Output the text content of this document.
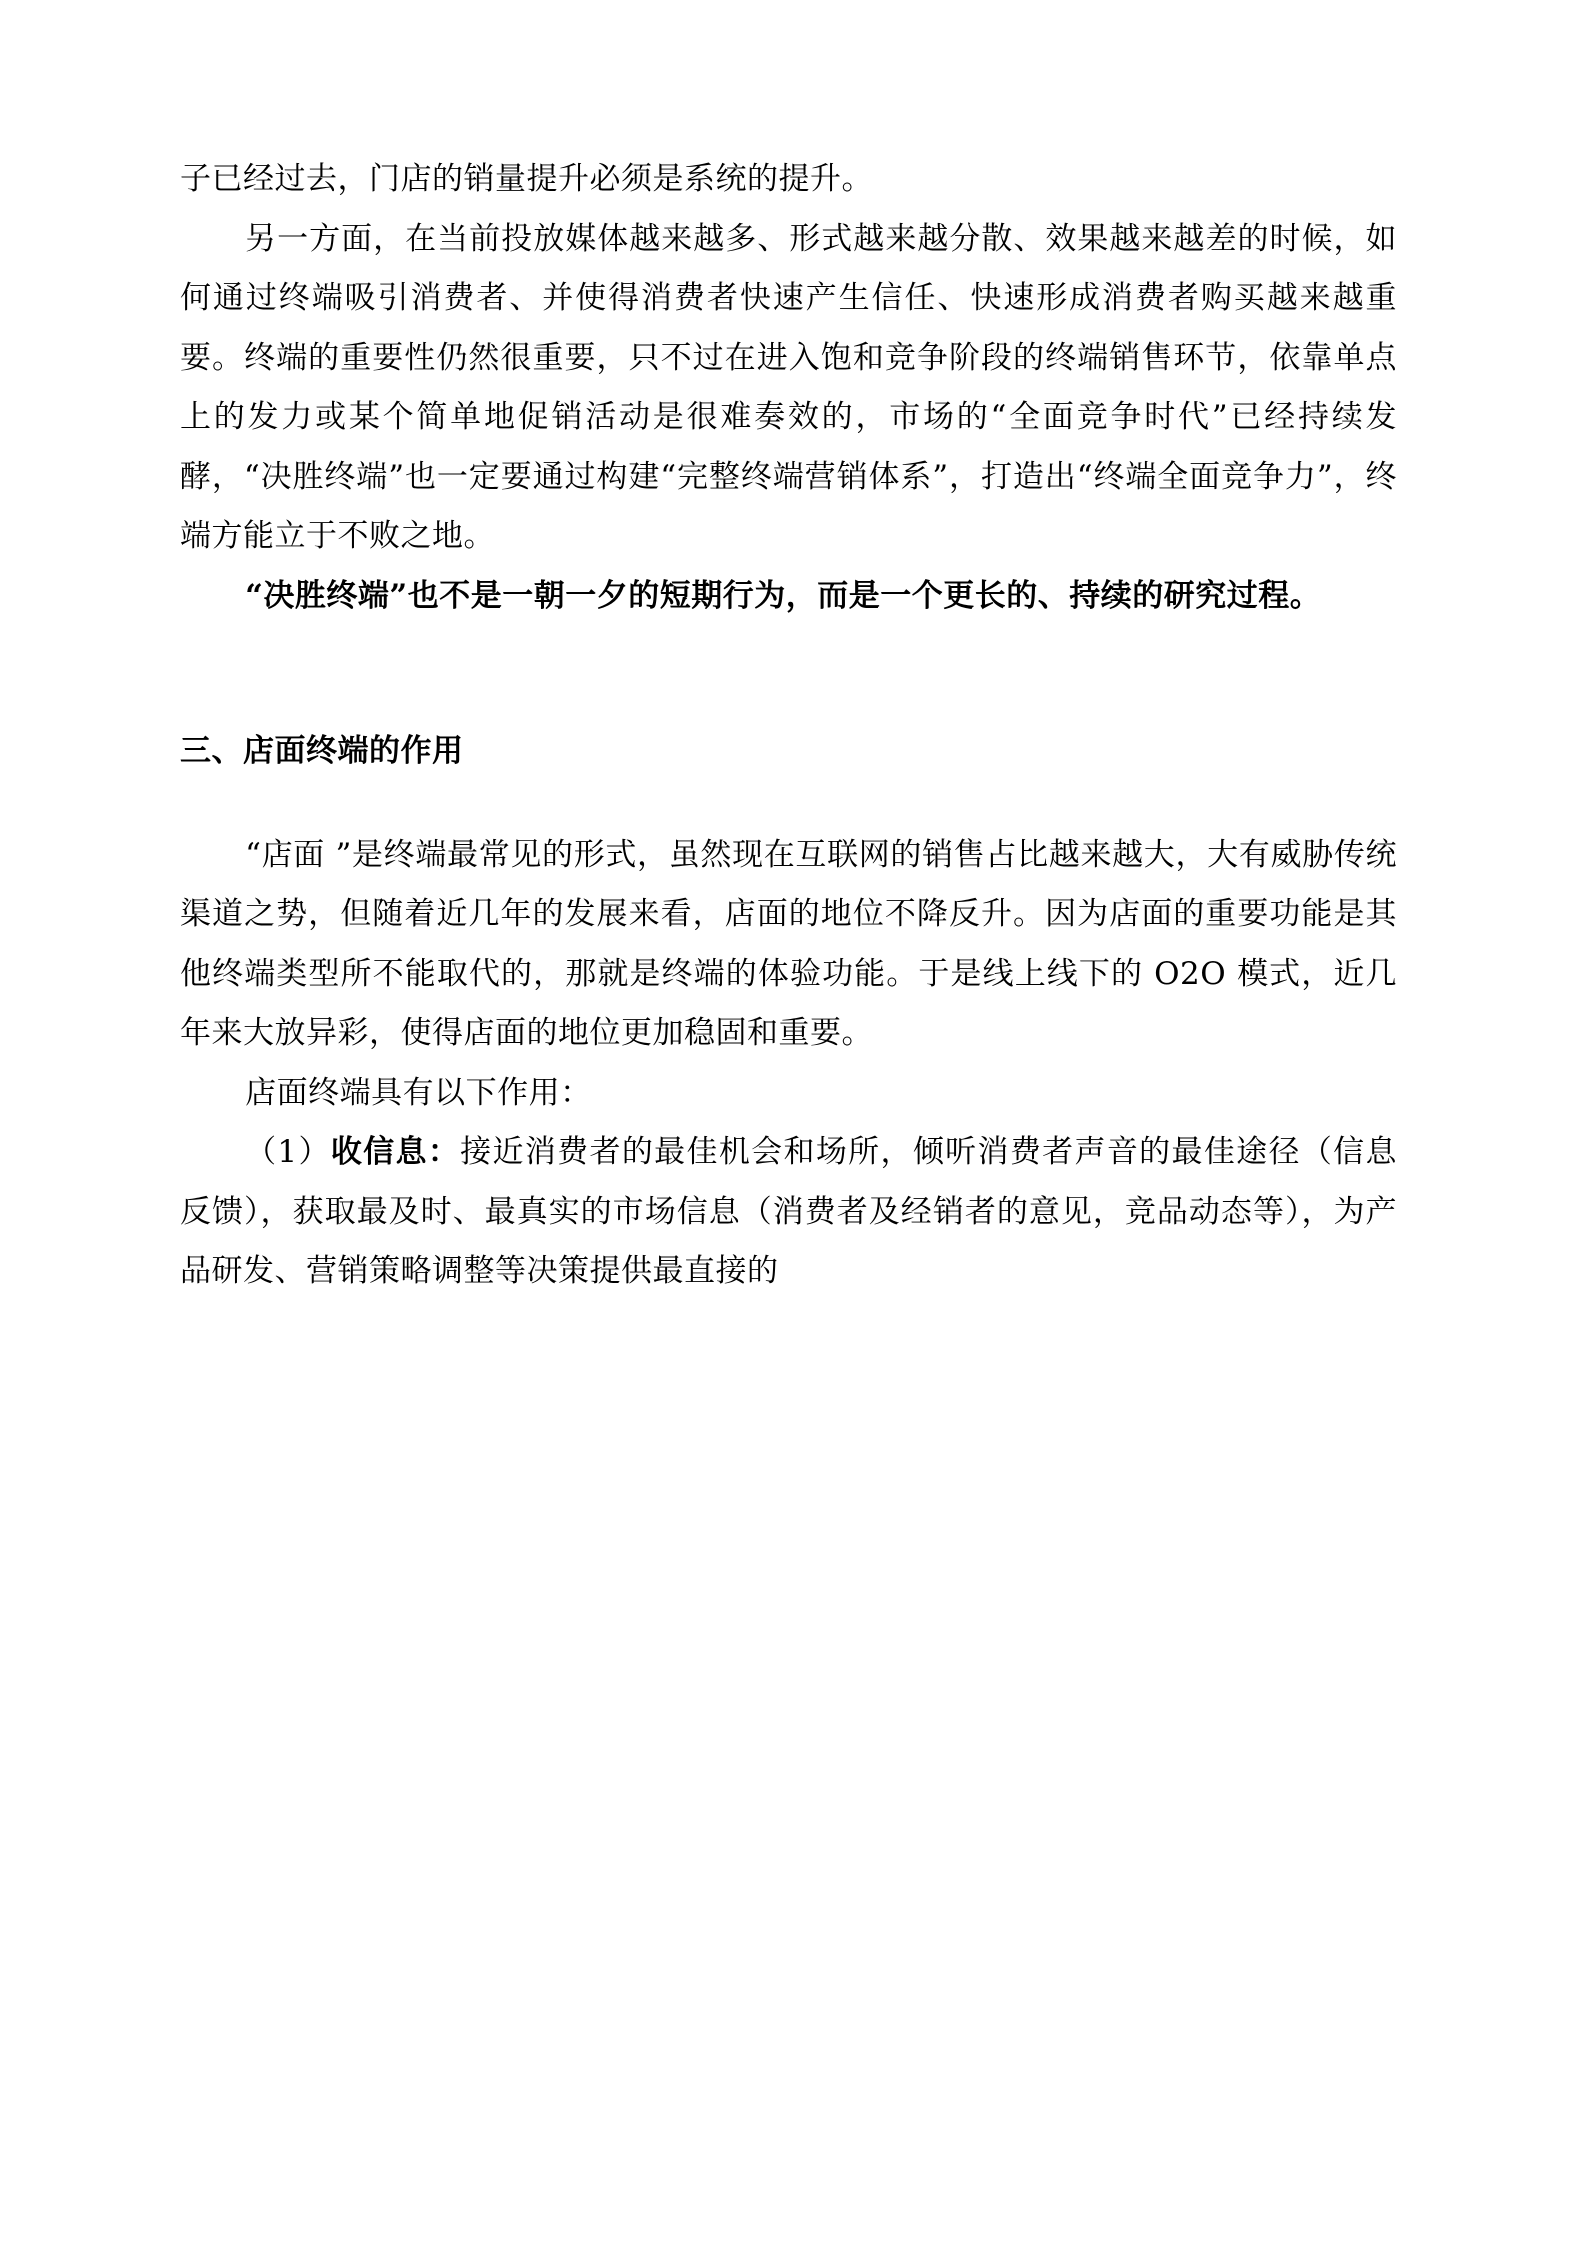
子已经过去，门店的销量提升必须是系统的提升。

另一方面，在当前投放媒体越来越多、形式越来越分散、效果越来越差的时候，如何通过终端吸引消费者、并使得消费者快速产生信任、快速形成消费者购买越来越重要。终端的重要性仍然很重要，只不过在进入饱和竞争阶段的终端销售环节，依靠单点上的发力或某个简单地促销活动是很难奏效的，市场的“全面竞争时代”已经持续发酵，“决胜终端”也一定要通过构建“完整终端营销体系”，打造出“终端全面竞争力”，终端方能立于不败之地。

“决胜终端”也不是一朝一夕的短期行为，而是一个更长的、持续的研究过程。

三、店面终端的作用

“店面 ”是终端最常见的形式，虽然现在互联网的销售占比越来越大，大有威胁传统渠道之势，但随着近几年的发展来看，店面的地位不降反升。因为店面的重要功能是其他终端类型所不能取代的，那就是终端的体验功能。于是线上线下的 O2O 模式，近几年来大放异彩，使得店面的地位更加稳固和重要。

店面终端具有以下作用：

（1）收信息：接近消费者的最佳机会和场所，倾听消费者声音的最佳途径（信息反馈），获取最及时、最真实的市场信息（消费者及经销者的意见，竞品动态等），为产品研发、营销策略调整等决策提供最直接的
